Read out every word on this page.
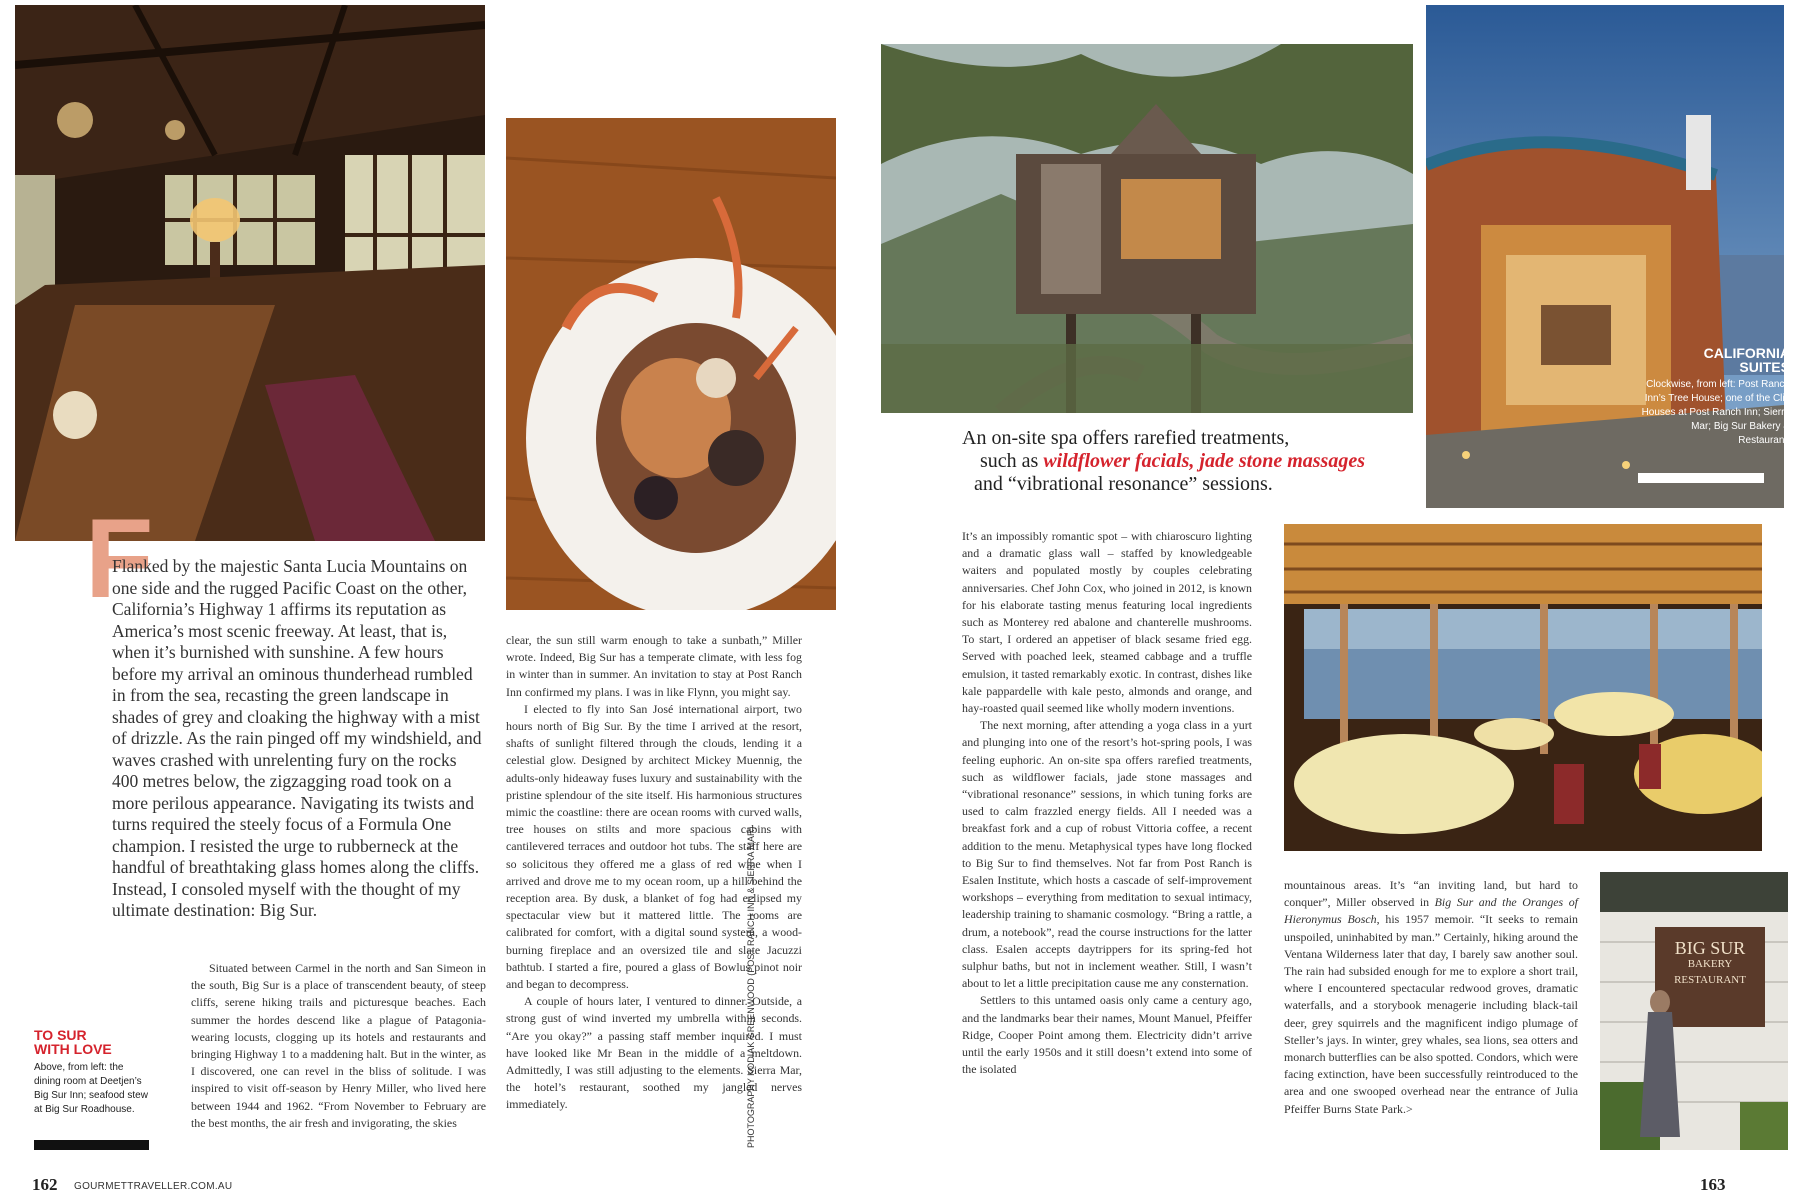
F
Flanked by the majestic Santa Lucia Mountains on one side and the rugged Pacific Coast on the other, California’s Highway 1 affirms its reputation as America’s most scenic freeway. At least, that is, when it’s burnished with sunshine. A few hours before my arrival an ominous thunderhead rumbled in from the sea, recasting the green landscape in shades of grey and cloaking the highway with a mist of drizzle. As the rain pinged off my windshield, and waves crashed with unrelenting fury on the rocks 400 metres below, the zigzagging road took on a more perilous appearance. Navigating its twists and turns required the steely focus of a Formula One champion. I resisted the urge to rubberneck at the handful of breathtaking glass homes along the cliffs. Instead, I consoled myself with the thought of my ultimate destination: Big Sur.

Situated between Carmel in the north and San Simeon in the south, Big Sur is a place of transcendent beauty, of steep cliffs, serene hiking trails and picturesque beaches. Each summer the hordes descend like a plague of Patagonia-wearing locusts, clogging up its hotels and restaurants and bringing Highway 1 to a maddening halt. But in the winter, as I discovered, one can revel in the bliss of solitude. I was inspired to visit off-season by Henry Miller, who lived here between 1944 and 1962. “From November to February are the best months, the air fresh and invigorating, the skies

clear, the sun still warm enough to take a sunbath,” Miller wrote. Indeed, Big Sur has a temperate climate, with less fog in winter than in summer. An invitation to stay at Post Ranch Inn confirmed my plans. I was in like Flynn, you might say.

I elected to fly into San José international airport, two hours north of Big Sur. By the time I arrived at the resort, shafts of sunlight filtered through the clouds, lending it a celestial glow. Designed by architect Mickey Muennig, the adults-only hideaway fuses luxury and sustainability with the pristine splendour of the site itself. His harmonious structures mimic the coastline: there are ocean rooms with curved walls, tree houses on stilts and more spacious cabins with cantilevered terraces and outdoor hot tubs. The staff here are so solicitous they offered me a glass of red wine when I arrived and drove me to my ocean room, up a hill behind the reception area. By dusk, a blanket of fog had eclipsed my spectacular view but it mattered little. The rooms are calibrated for comfort, with a digital sound system, a wood-burning fireplace and an oversized tile and slate Jacuzzi bathtub. I started a fire, poured a glass of Bowlus pinot noir and began to decompress.

A couple of hours later, I ventured to dinner. Outside, a strong gust of wind inverted my umbrella within seconds. “Are you okay?” a passing staff member inquired. I must have looked like Mr Bean in the middle of a meltdown. Admittedly, I was still adjusting to the elements. Sierra Mar, the hotel’s restaurant, soothed my jangled nerves immediately.

TO SUR
WITH LOVE
Above, from left: the dining room at Deetjen’s Big Sur Inn; seafood stew at Big Sur Roadhouse.	PHOTOGRAPHY KODIAK GREENWOOD (POST RANCH INN & SIERRA MAR)
162 GOURMETTRAVELLER.COM.AU
CALIFORNIA
SUITES
Clockwise, from left: Post Ranch Inn’s Tree House; one of the Cliff Houses at Post Ranch Inn; Sierra Mar; Big Sur Bakery & Restaurant.
An on-site spa offers rarefied treatments,
such as wildflower facials, jade stone massages
and “vibrational resonance” sessions.

It’s an impossibly romantic spot – with chiaroscuro lighting and a dramatic glass wall – staffed by knowledgeable waiters and populated mostly by couples celebrating anniversaries. Chef John Cox, who joined in 2012, is known for his elaborate tasting menus featuring local ingredients such as Monterey red abalone and chanterelle mushrooms. To start, I ordered an appetiser of black sesame fried egg. Served with poached leek, steamed cabbage and a truffle emulsion, it tasted remarkably exotic. In contrast, dishes like kale pappardelle with kale pesto, almonds and orange, and hay-roasted quail seemed like wholly modern inventions.

The next morning, after attending a yoga class in a yurt and plunging into one of the resort’s hot-spring pools, I was feeling euphoric. An on-site spa offers rarefied treatments, such as wildflower facials, jade stone massages and “vibrational resonance” sessions, in which tuning forks are used to calm frazzled energy fields. All I needed was a breakfast fork and a cup of robust Vittoria coffee, a recent addition to the menu. Metaphysical types have long flocked to Big Sur to find themselves. Not far from Post Ranch is Esalen Institute, which hosts a cascade of self-improvement workshops – everything from meditation to sexual intimacy, leadership training to shamanic cosmology. “Bring a rattle, a drum, a notebook”, read the course instructions for the latter class. Esalen accepts daytrippers for its spring-fed hot sulphur baths, but not in inclement weather. Still, I wasn’t about to let a little precipitation cause me any consternation.

Settlers to this untamed oasis only came a century ago, and the landmarks bear their names, Mount Manuel, Pfeiffer Ridge, Cooper Point among them. Electricity didn’t arrive until the early 1950s and it still doesn’t extend into some of the isolated

mountainous areas. It’s “an inviting land, but hard to conquer”, Miller observed in Big Sur and the Oranges of Hieronymus Bosch, his 1957 memoir. “It seeks to remain unspoiled, uninhabited by man.” Certainly, hiking around the Ventana Wilderness later that day, I barely saw another soul. The rain had subsided enough for me to explore a short trail, where I encountered spectacular redwood groves, dramatic waterfalls, and a storybook menagerie including black-tail deer, grey squirrels and the magnificent indigo plumage of Steller’s jays. In winter, grey whales, sea lions, sea otters and monarch butterflies can be also spotted. Condors, which were facing extinction, have been successfully reintroduced to the area and one swooped overhead near the entrance of Julia Pfeiffer Burns State Park.>

BIG SUR
BAKERY
RESTAURANT
163
